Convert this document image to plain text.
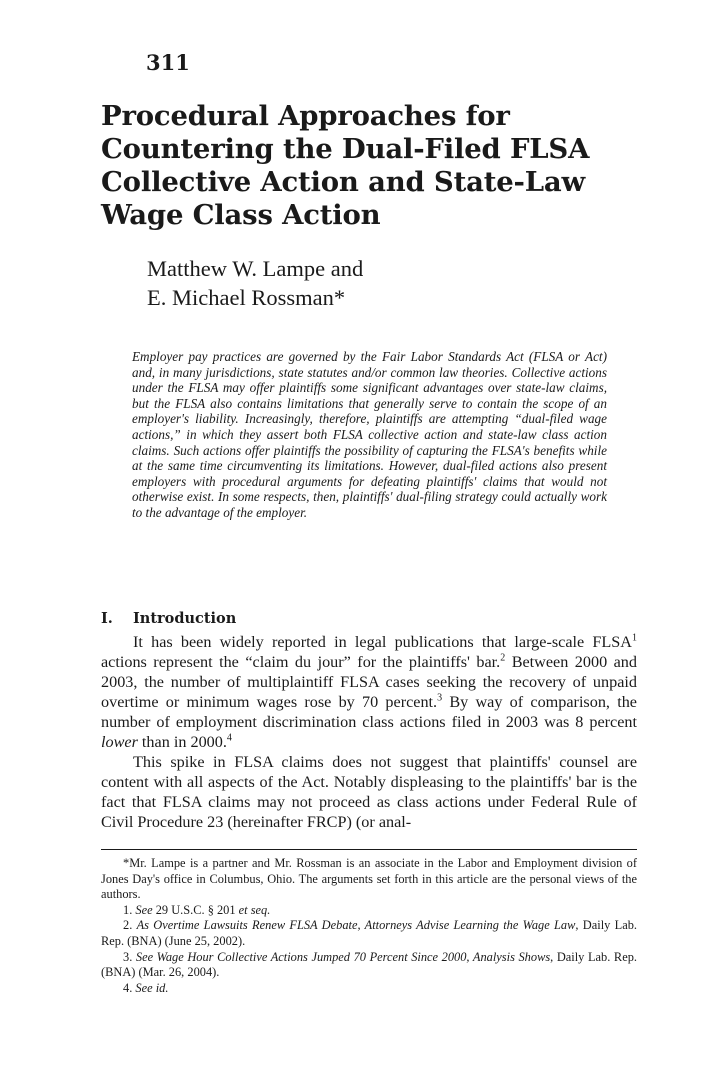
311
Procedural Approaches for
Countering the Dual-Filed FLSA
Collective Action and State-Law
Wage Class Action
Matthew W. Lampe and
E. Michael Rossman*

Employer pay practices are governed by the Fair Labor Standards Act (FLSA or Act) and, in many jurisdictions, state statutes and/or common law theories. Collective actions under the FLSA may offer plaintiffs some significant advantages over state-law claims, but the FLSA also contains limitations that generally serve to contain the scope of an employer's liability. Increasingly, therefore, plaintiffs are attempting “dual-filed wage actions,” in which they assert both FLSA collective action and state-law class action claims. Such actions offer plaintiffs the possibility of capturing the FLSA's benefits while at the same time circumventing its limitations. However, dual-filed actions also present employers with procedural arguments for defeating plaintiffs' claims that would not otherwise exist. In some respects, then, plaintiffs' dual-filing strategy could actually work to the advantage of the employer.

I. Introduction

It has been widely reported in legal publications that large-scale FLSA$^1$ actions represent the “claim du jour” for the plaintiffs' bar.$^2$ Between 2000 and 2003, the number of multiplaintiff FLSA cases seeking the recovery of unpaid overtime or minimum wages rose by 70 percent.$^3$ By way of comparison, the number of employment discrimination class actions filed in 2003 was 8 percent lower than in 2000.$^4$

This spike in FLSA claims does not suggest that plaintiffs' counsel are content with all aspects of the Act. Notably displeasing to the plaintiffs' bar is the fact that FLSA claims may not proceed as class actions under Federal Rule of Civil Procedure 23 (hereinafter FRCP) (or anal-

*Mr. Lampe is a partner and Mr. Rossman is an associate in the Labor and Employment division of Jones Day's office in Columbus, Ohio. The arguments set forth in this article are the personal views of the authors.

1. See 29 U.S.C. § 201 et seq.

2. As Overtime Lawsuits Renew FLSA Debate, Attorneys Advise Learning the Wage Law, Daily Lab. Rep. (BNA) (June 25, 2002).

3. See Wage Hour Collective Actions Jumped 70 Percent Since 2000, Analysis Shows, Daily Lab. Rep. (BNA) (Mar. 26, 2004).

4. See id.
